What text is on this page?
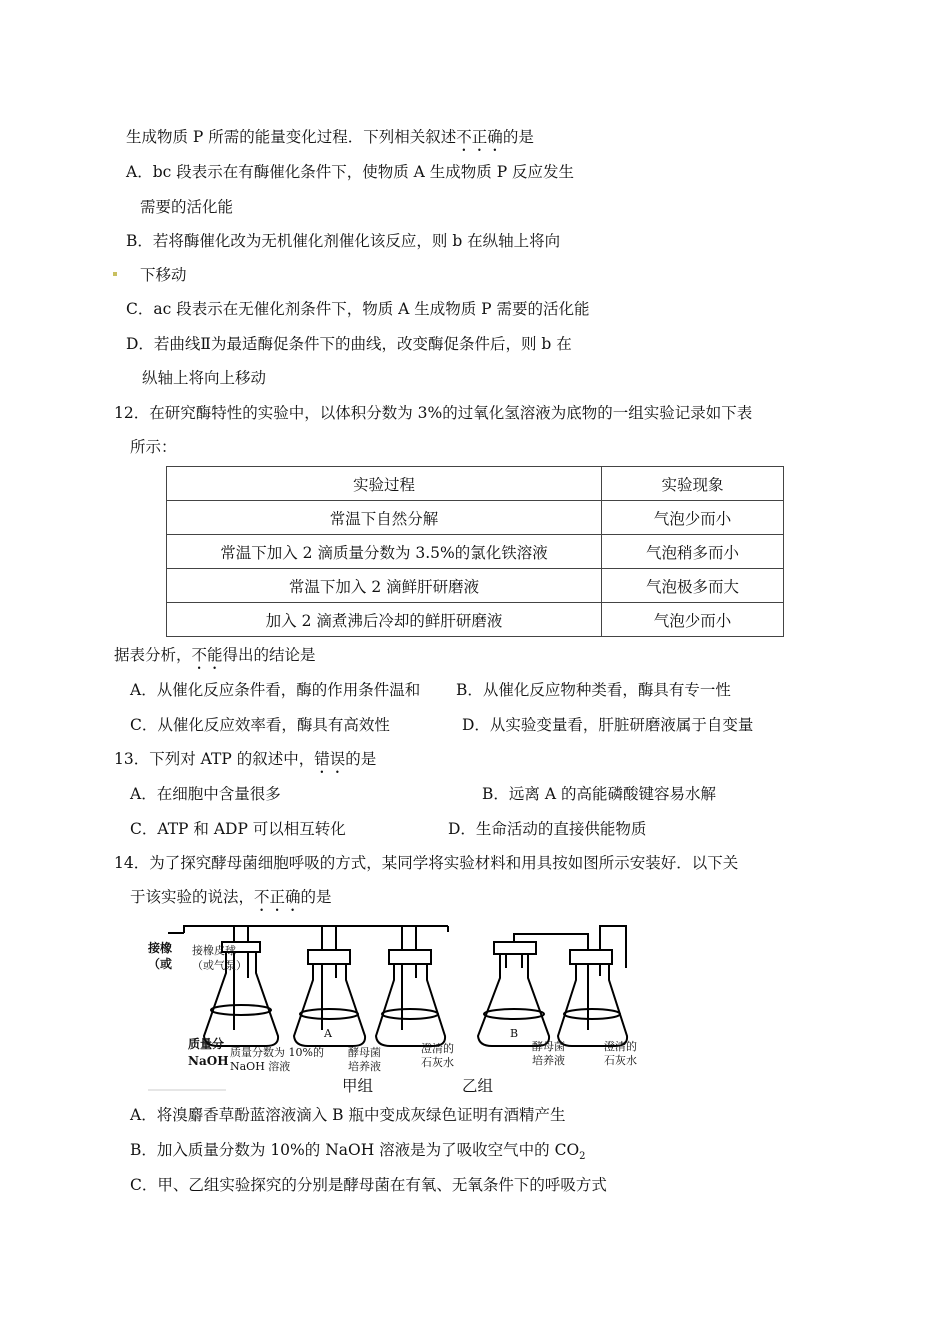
生成物质 P 所需的能量变化过程．下列相关叙述不正确的是
A．bc 段表示在有酶催化条件下，使物质 A 生成物质 P 反应发生
需要的活化能
B．若将酶催化改为无机催化剂催化该反应，则 b 在纵轴上将向
下移动
C．ac 段表示在无催化剂条件下，物质 A 生成物质 P 需要的活化能
D．若曲线Ⅱ为最适酶促条件下的曲线，改变酶促条件后，则 b 在
纵轴上将向上移动
12．在研究酶特性的实验中，以体积分数为 3%的过氧化氢溶液为底物的一组实验记录如下表
所示：
实验过程	实验现象
常温下自然分解	气泡少而小
常温下加入 2 滴质量分数为 3.5%的氯化铁溶液	气泡稍多而小
常温下加入 2 滴鲜肝研磨液	气泡极多而大
加入 2 滴煮沸后冷却的鲜肝研磨液	气泡少而小
据表分析，不能得出的结论是
A．从催化反应条件看，酶的作用条件温和 B．从催化反应物种类看，酶具有专一性
C．从催化反应效率看，酶具有高效性	D．从实验变量看，肝脏研磨液属于自变量
13．下列对 ATP 的叙述中，错误的是
A．在细胞中含量很多	B．远离 A 的高能磷酸键容易水解
C．ATP 和 ADP 可以相互转化	D．生命活动的直接供能物质
14．为了探究酵母菌细胞呼吸的方式，某同学将实验材料和用具按如图所示安装好．以下关
于该实验的说法，不正确的是
接橡
（或
接橡皮球
（或气泵）
质量分
NaOH
质量分数为 10%的
NaOH 溶液
A
酵母菌
培养液
澄清的
石灰水
B
酵母菌
培养液
澄清的
石灰水
甲组	乙组
A．将溴麝香草酚蓝溶液滴入 B 瓶中变成灰绿色证明有酒精产生
B．加入质量分数为 10%的 NaOH 溶液是为了吸收空气中的 $CO_2$
C．甲、乙组实验探究的分别是酵母菌在有氧、无氧条件下的呼吸方式
